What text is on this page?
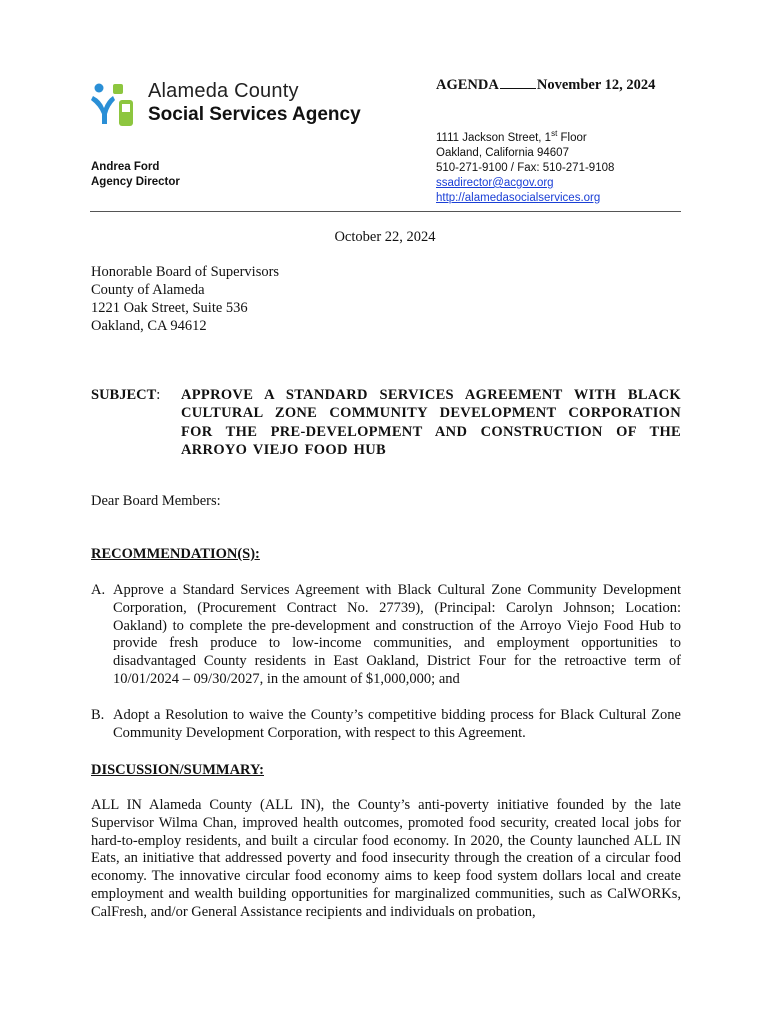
Alameda County
Social Services Agency
AGENDA	November 12, 2024
1111 Jackson Street, 1st Floor
Oakland, California 94607
510-271-9100 / Fax: 510-271-9108
ssadirector@acgov.org
http://alamedasocialservices.org
Andrea Ford
Agency Director
October 22, 2024
Honorable Board of Supervisors
County of Alameda
1221 Oak Street, Suite 536
Oakland, CA 94612
SUBJECT: APPROVE A STANDARD SERVICES AGREEMENT WITH BLACK CULTURAL ZONE COMMUNITY DEVELOPMENT CORPORATION FOR THE PRE-DEVELOPMENT AND CONSTRUCTION OF THE ARROYO VIEJO FOOD HUB
Dear Board Members:
RECOMMENDATION(S):
A. Approve a Standard Services Agreement with Black Cultural Zone Community Development Corporation, (Procurement Contract No. 27739), (Principal: Carolyn Johnson; Location: Oakland) to complete the pre-development and construction of the Arroyo Viejo Food Hub to provide fresh produce to low-income communities, and employment opportunities to disadvantaged County residents in East Oakland, District Four for the retroactive term of 10/01/2024 – 09/30/2027, in the amount of $1,000,000; and
B. Adopt a Resolution to waive the County’s competitive bidding process for Black Cultural Zone Community Development Corporation, with respect to this Agreement.
DISCUSSION/SUMMARY:
ALL IN Alameda County (ALL IN), the County’s anti-poverty initiative founded by the late Supervisor Wilma Chan, improved health outcomes, promoted food security, created local jobs for hard-to-employ residents, and built a circular food economy. In 2020, the County launched ALL IN Eats, an initiative that addressed poverty and food insecurity through the creation of a circular food economy. The innovative circular food economy aims to keep food system dollars local and create employment and wealth building opportunities for marginalized communities, such as CalWORKs, CalFresh, and/or General Assistance recipients and individuals on probation,
